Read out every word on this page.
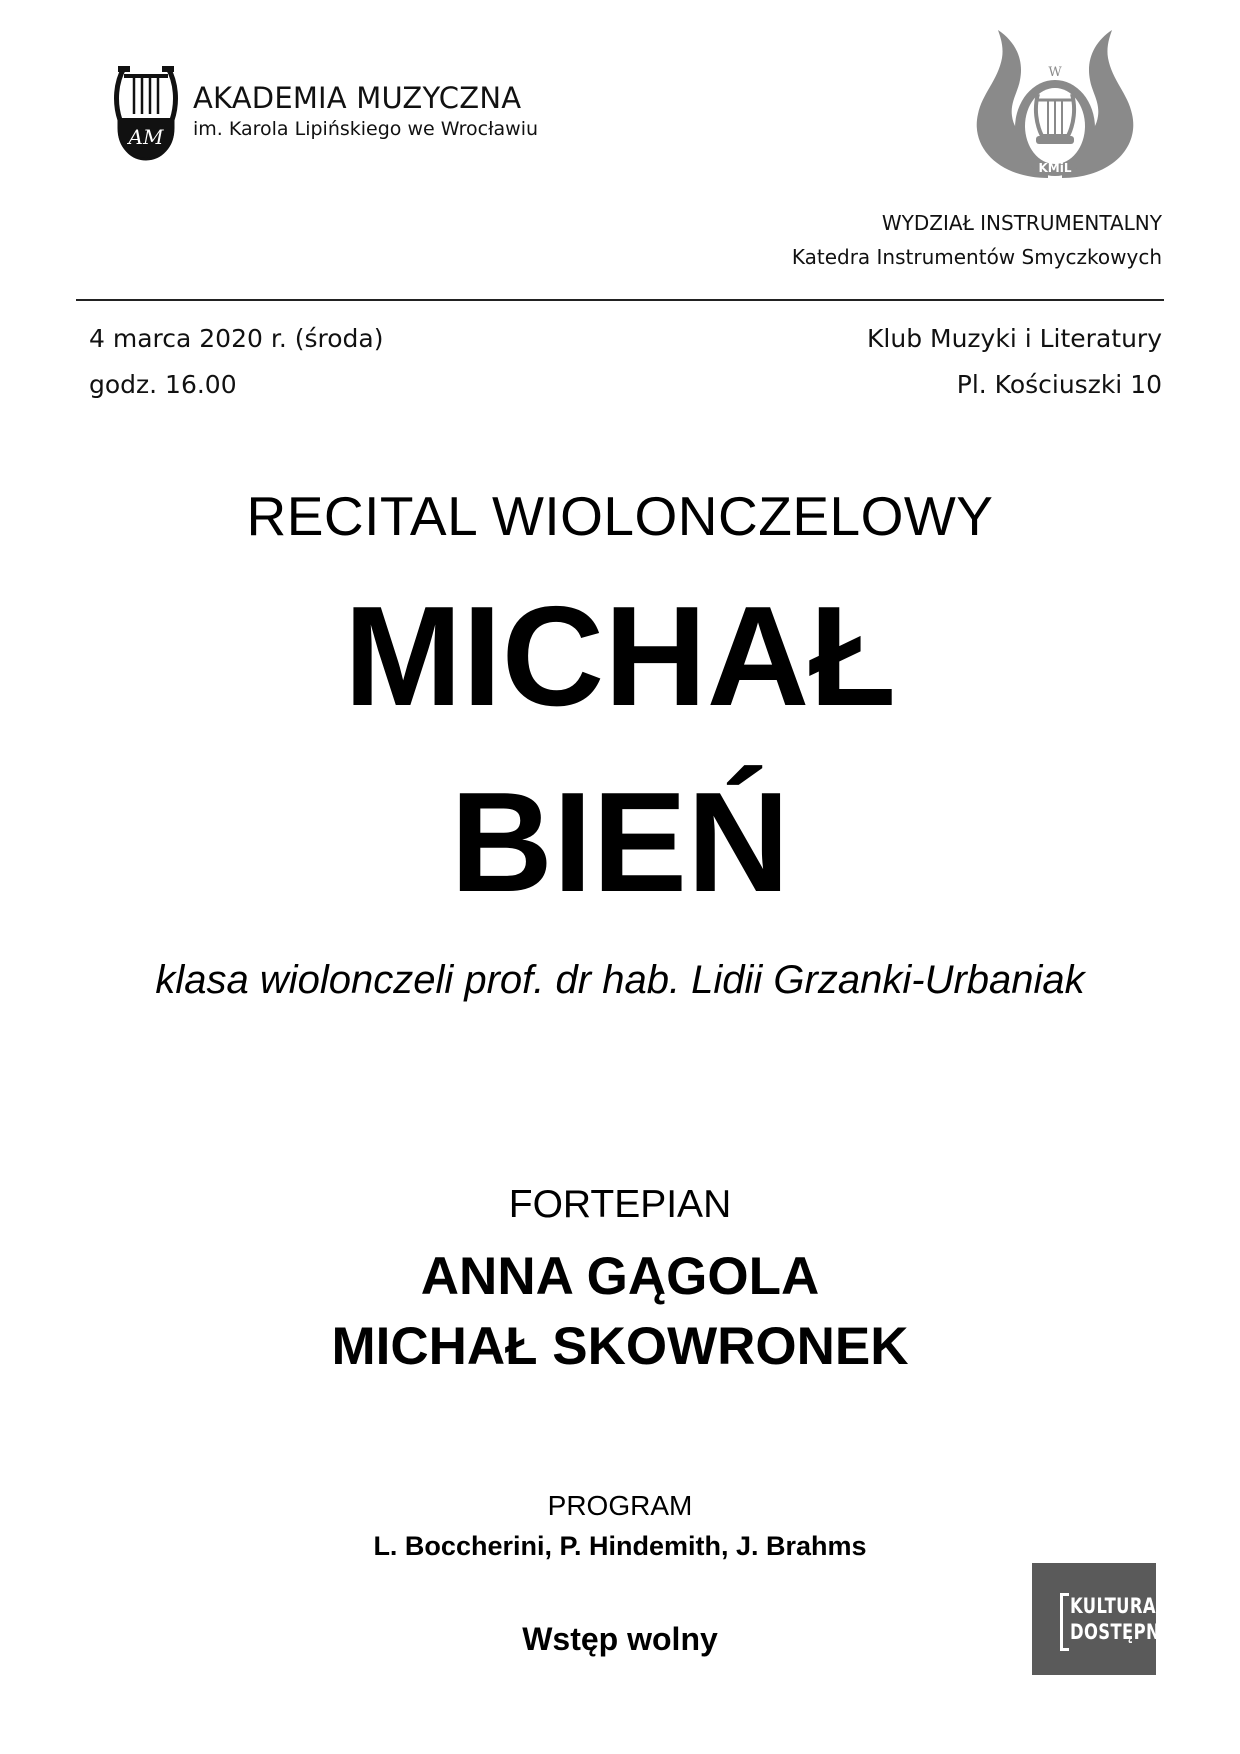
AM
AKADEMIA MUZYCZNA
im. Karola Lipińskiego we Wrocławiu
W
KMiL
WYDZIAŁ INSTRUMENTALNY
Katedra Instrumentów Smyczkowych
4 marca 2020 r. (środa)
godz. 16.00
Klub Muzyki i Literatury
Pl. Kościuszki 10
RECITAL WIOLONCZELOWY
MICHAŁ
BIEŃ
klasa wiolonczeli prof. dr hab. Lidii Grzanki-Urbaniak
FORTEPIAN
ANNA GĄGOLA
MICHAŁ SKOWRONEK
PROGRAM
L. Boccherini, P. Hindemith, J. Brahms
Wstęp wolny
KULTURA
DOSTĘPNA
